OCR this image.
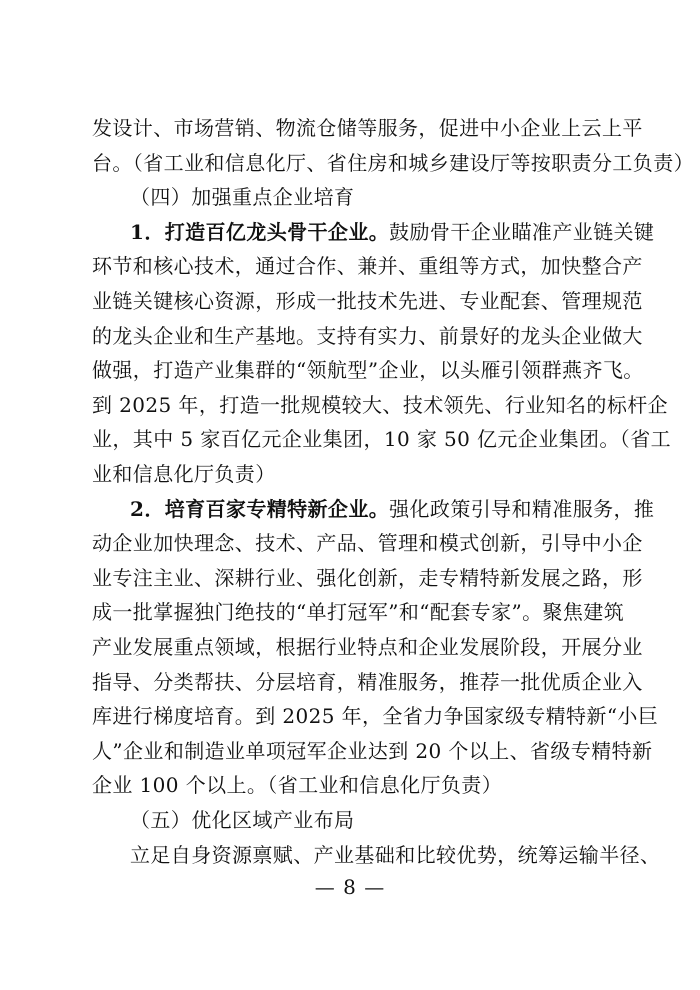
发设计、市场营销、物流仓储等服务，促进中小企业上云上平
台。（省工业和信息化厅、省住房和城乡建设厅等按职责分工负责）
（四）加强重点企业培育
1．打造百亿龙头骨干企业。鼓励骨干企业瞄准产业链关键
环节和核心技术，通过合作、兼并、重组等方式，加快整合产
业链关键核心资源，形成一批技术先进、专业配套、管理规范
的龙头企业和生产基地。支持有实力、前景好的龙头企业做大
做强，打造产业集群的“领航型”企业，以头雁引领群燕齐飞。
到 2025 年，打造一批规模较大、技术领先、行业知名的标杆企
业，其中 5 家百亿元企业集团，10 家 50 亿元企业集团。（省工
业和信息化厅负责）
2．培育百家专精特新企业。强化政策引导和精准服务，推
动企业加快理念、技术、产品、管理和模式创新，引导中小企
业专注主业、深耕行业、强化创新，走专精特新发展之路，形
成一批掌握独门绝技的“单打冠军”和“配套专家”。聚焦建筑
产业发展重点领域，根据行业特点和企业发展阶段，开展分业
指导、分类帮扶、分层培育，精准服务，推荐一批优质企业入
库进行梯度培育。到 2025 年，全省力争国家级专精特新“小巨
人”企业和制造业单项冠军企业达到 20 个以上、省级专精特新
企业 100 个以上。（省工业和信息化厅负责）
（五）优化区域产业布局
— 8 —
立足自身资源禀赋、产业基础和比较优势，统筹运输半径、
